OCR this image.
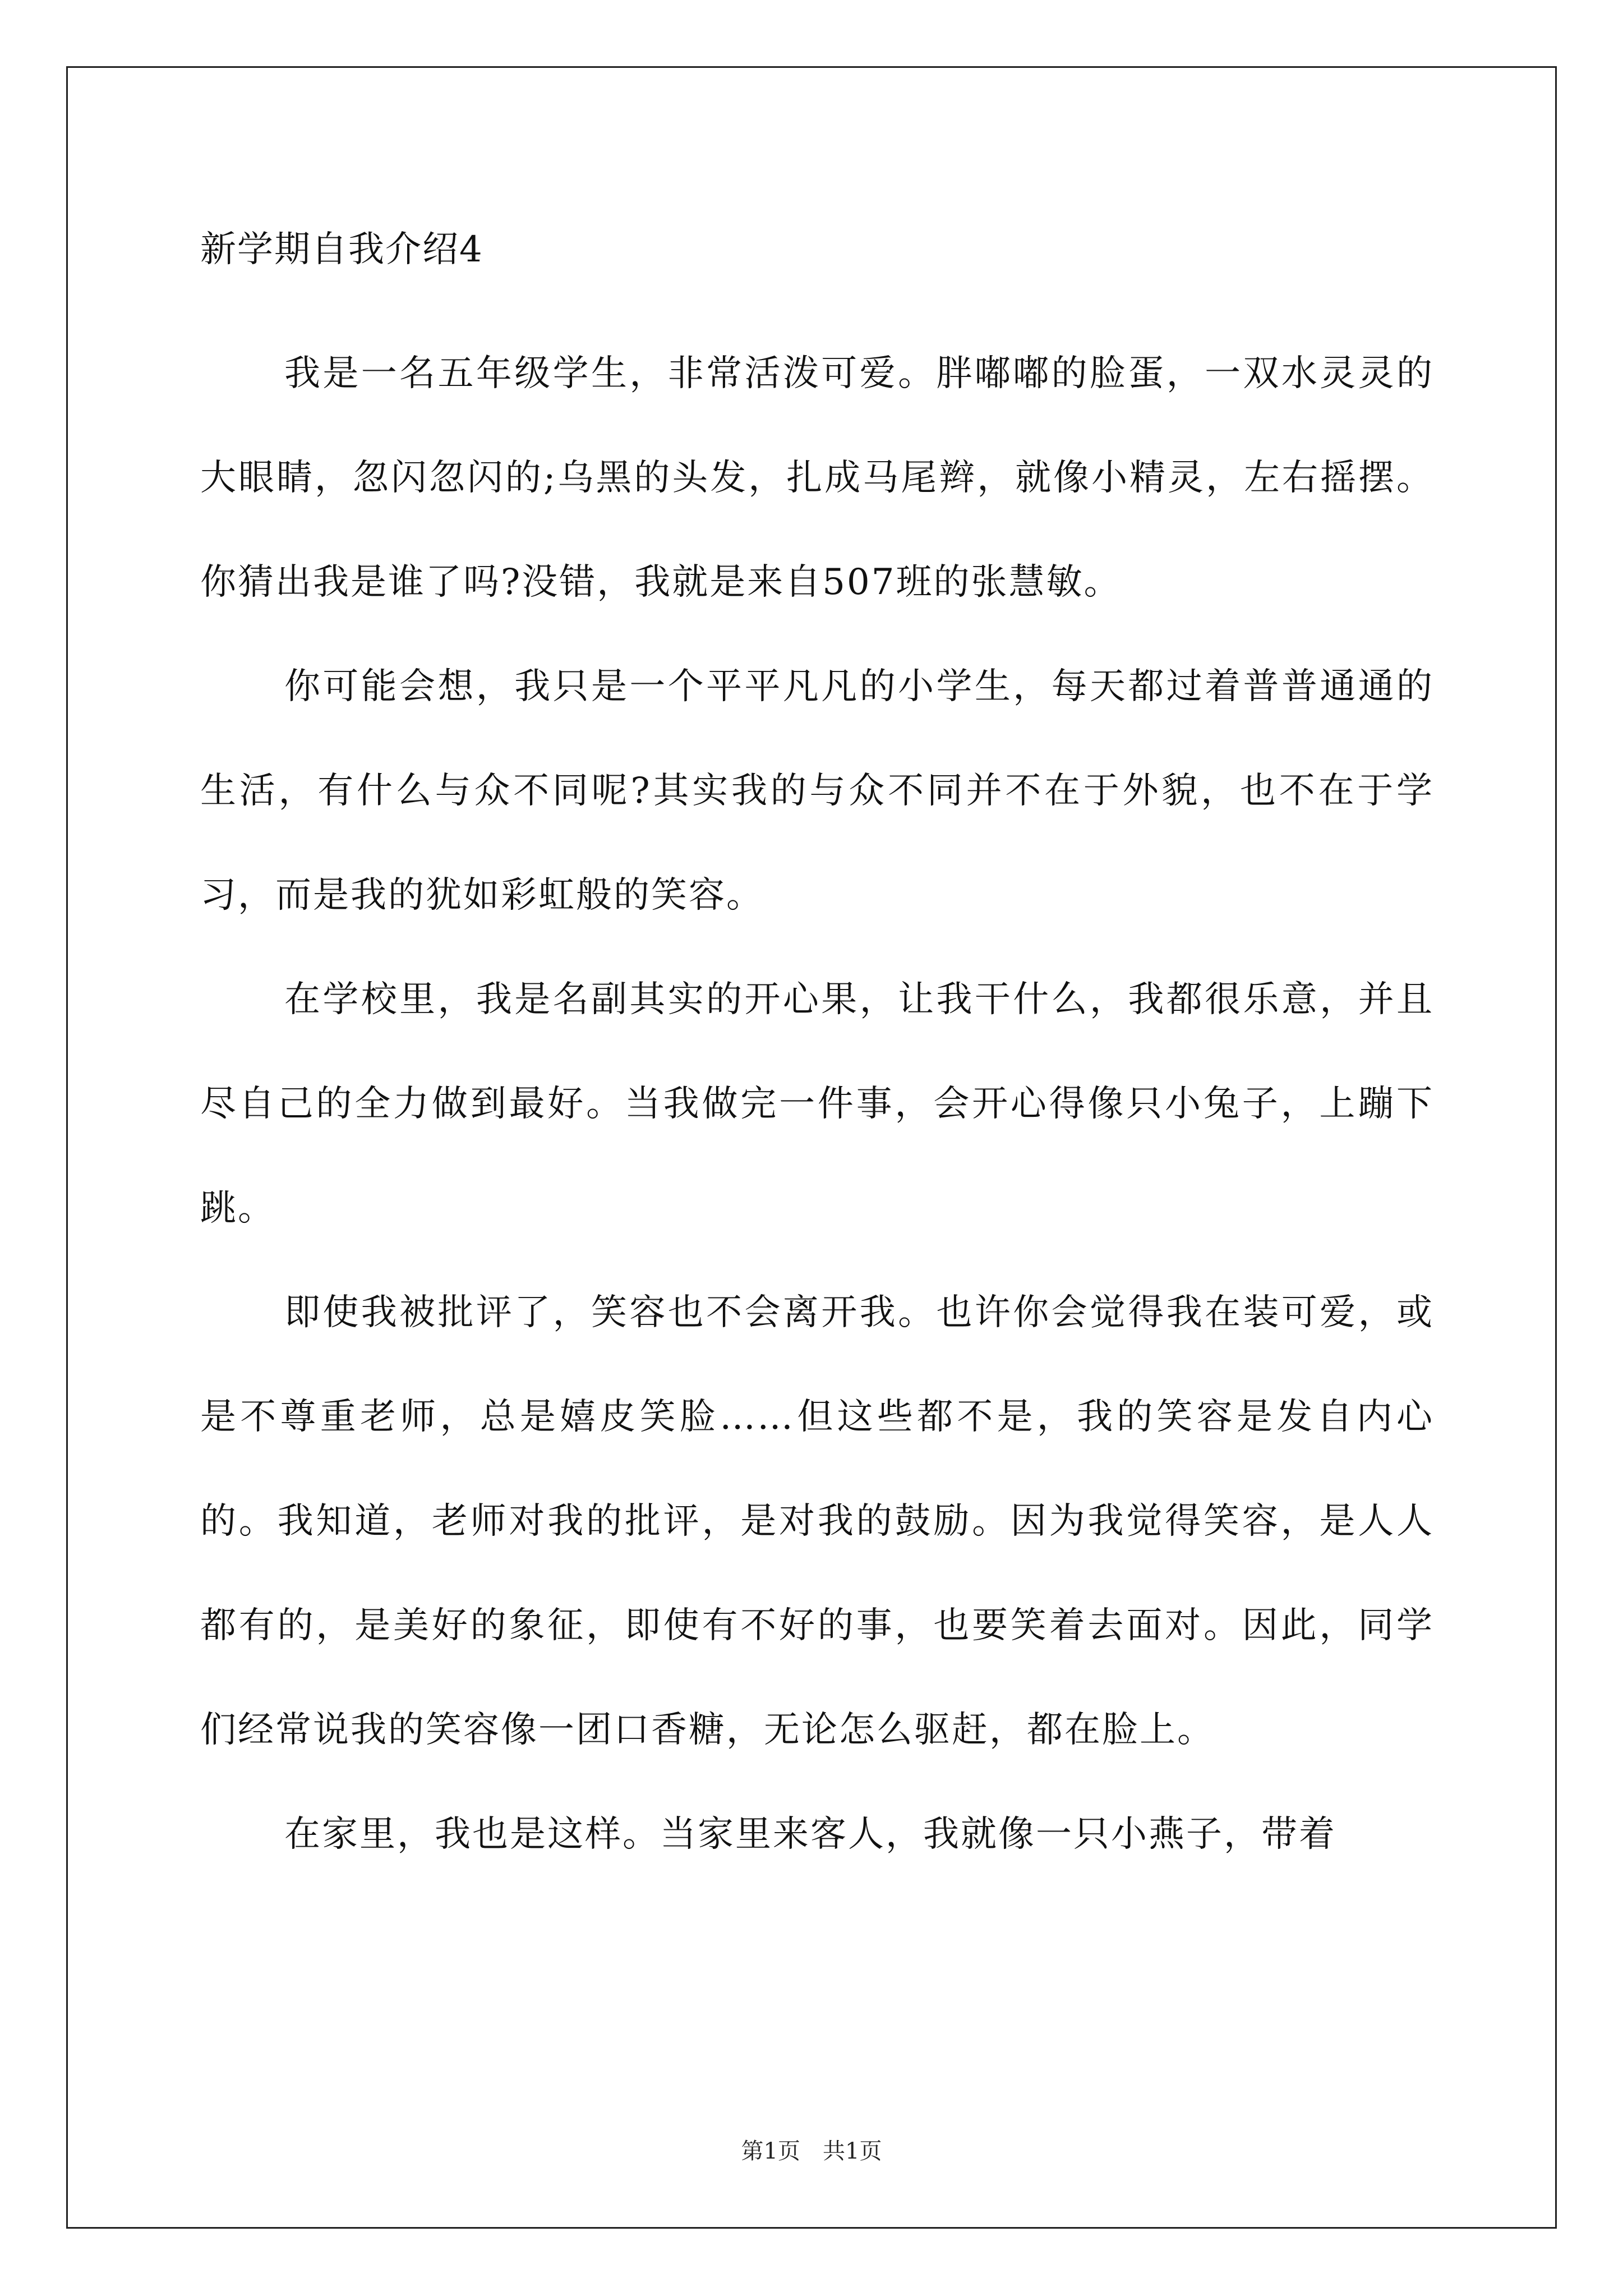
新学期自我介绍4

我是一名五年级学生，非常活泼可爱。胖嘟嘟的脸蛋，一双水灵灵的大眼睛，忽闪忽闪的;乌黑的头发，扎成马尾辫，就像小精灵，左右摇摆。你猜出我是谁了吗?没错，我就是来自507班的张慧敏。

你可能会想，我只是一个平平凡凡的小学生，每天都过着普普通通的生活，有什么与众不同呢?其实我的与众不同并不在于外貌，也不在于学习，而是我的犹如彩虹般的笑容。

在学校里，我是名副其实的开心果，让我干什么，我都很乐意，并且尽自己的全力做到最好。当我做完一件事，会开心得像只小兔子，上蹦下跳。

即使我被批评了，笑容也不会离开我。也许你会觉得我在装可爱，或是不尊重老师，总是嬉皮笑脸……但这些都不是，我的笑容是发自内心的。我知道，老师对我的批评，是对我的鼓励。因为我觉得笑容，是人人都有的，是美好的象征，即使有不好的事，也要笑着去面对。因此，同学们经常说我的笑容像一团口香糖，无论怎么驱赶，都在脸上。

在家里，我也是这样。当家里来客人，我就像一只小燕子，带着

第1页 共1页
